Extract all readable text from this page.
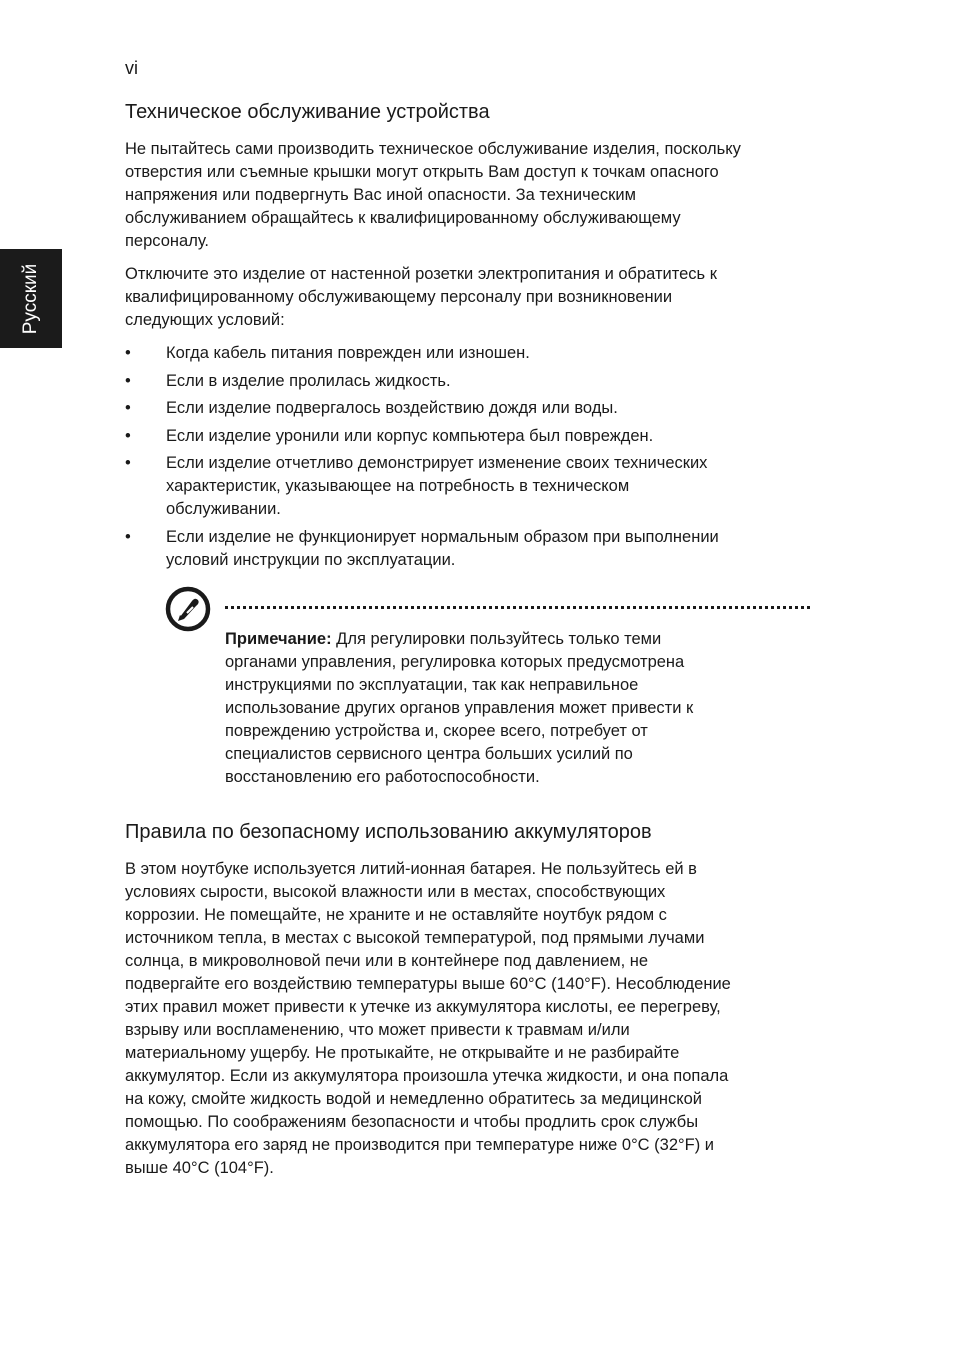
vi
Русский
Техническое обслуживание устройства

Не пытайтесь сами производить техническое обслуживание изделия, поскольку
отверстия или съемные крышки могут открыть Вам доступ к точкам опасного
напряжения или подвергнуть Вас иной опасности. За техническим
обслуживанием обращайтесь к квалифицированному обслуживающему
персоналу.

Отключите это изделие от настенной розетки электропитания и обратитесь к
квалифицированному обслуживающему персоналу при возникновении
следующих условий:

• Когда кабель питания поврежден или изношен.
• Если в изделие пролилась жидкость.
• Если изделие подвергалось воздействию дождя или воды.
• Если изделие уронили или корпус компьютера был поврежден.
• Если изделие отчетливо демонстрирует изменение своих технических
характеристик, указывающее на потребность в техническом
обслуживании.
• Если изделие не функционирует нормальным образом при выполнении
условий инструкции по эксплуатации.
Примечание: Для регулировки пользуйтесь только теми
органами управления, регулировка которых предусмотрена
инструкциями по эксплуатации, так как неправильное
использование других органов управления может привести к
повреждению устройства и, скорее всего, потребует от
специалистов сервисного центра больших усилий по
восстановлению его работоспособности.
Правила по безопасному использованию аккумуляторов

В этом ноутбуке используется литий-ионная батарея. Не пользуйтесь ей в
условиях сырости, высокой влажности или в местах, способствующих
коррозии. Не помещайте, не храните и не оставляйте ноутбук рядом с
источником тепла, в местах с высокой температурой, под прямыми лучами
солнца, в микроволновой печи или в контейнере под давлением, не
подвергайте его воздействию температуры выше 60°C (140°F). Несоблюдение
этих правил может привести к утечке из аккумулятора кислоты, ее перегреву,
взрыву или воспламенению, что может привести к травмам и/или
материальному ущербу. Не протыкайте, не открывайте и не разбирайте
аккумулятор. Если из аккумулятора произошла утечка жидкости, и она попала
на кожу, смойте жидкость водой и немедленно обратитесь за медицинской
помощью. По соображениям безопасности и чтобы продлить срок службы
аккумулятора его заряд не производится при температуре ниже 0°C (32°F) и
выше 40°C (104°F).
